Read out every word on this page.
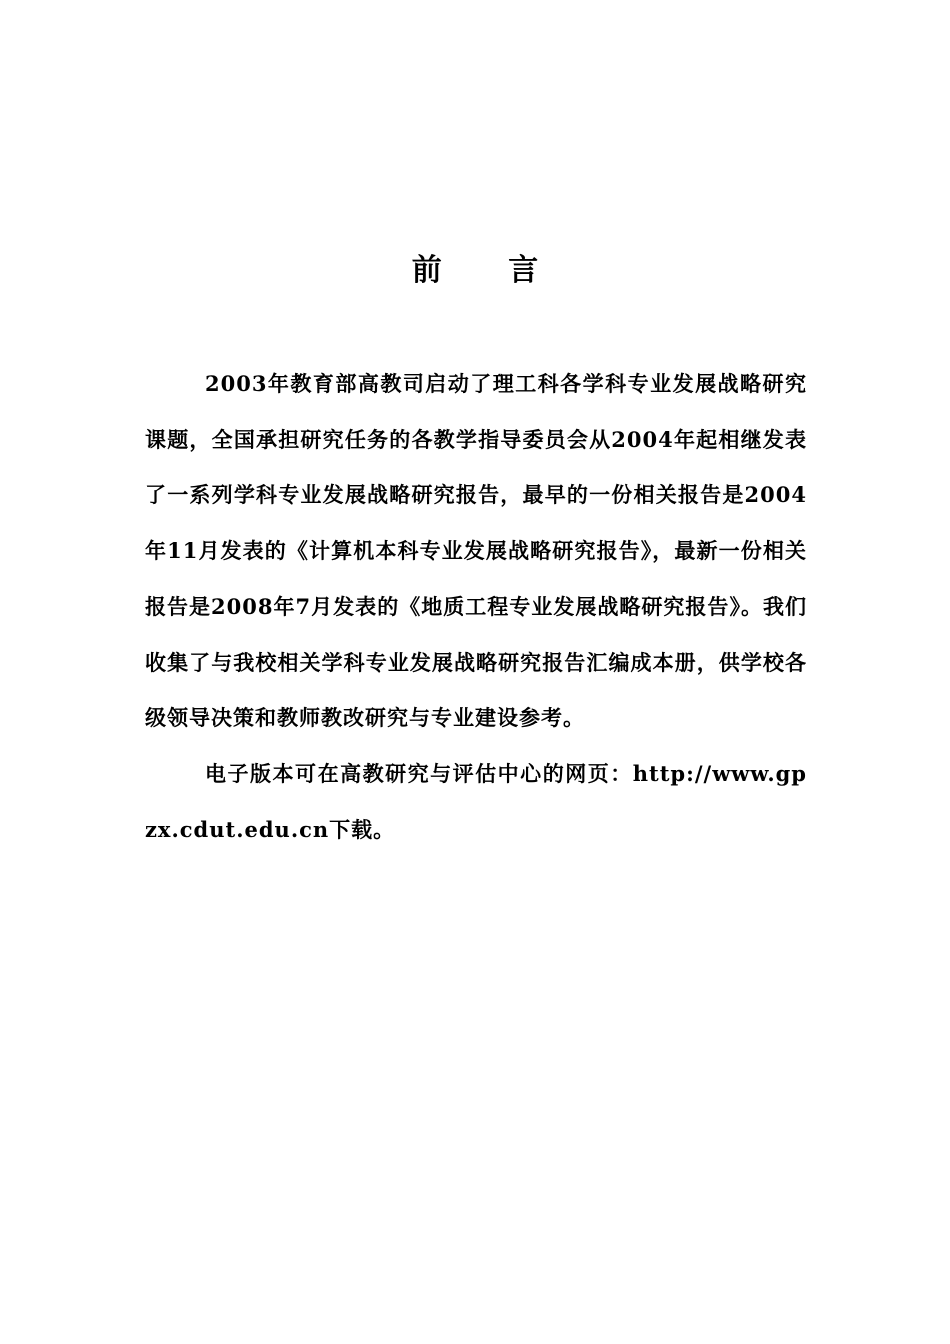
前 言

2003年教育部高教司启动了理工科各学科专业发展战略研究课题，全国承担研究任务的各教学指导委员会从2004年起相继发表了一系列学科专业发展战略研究报告，最早的一份相关报告是2004年11月发表的《计算机本科专业发展战略研究报告》，最新一份相关报告是2008年7月发表的《地质工程专业发展战略研究报告》。我们收集了与我校相关学科专业发展战略研究报告汇编成本册，供学校各级领导决策和教师教改研究与专业建设参考。

电子版本可在高教研究与评估中心的网页：http://www.gpzx.cdut.edu.cn下载。
